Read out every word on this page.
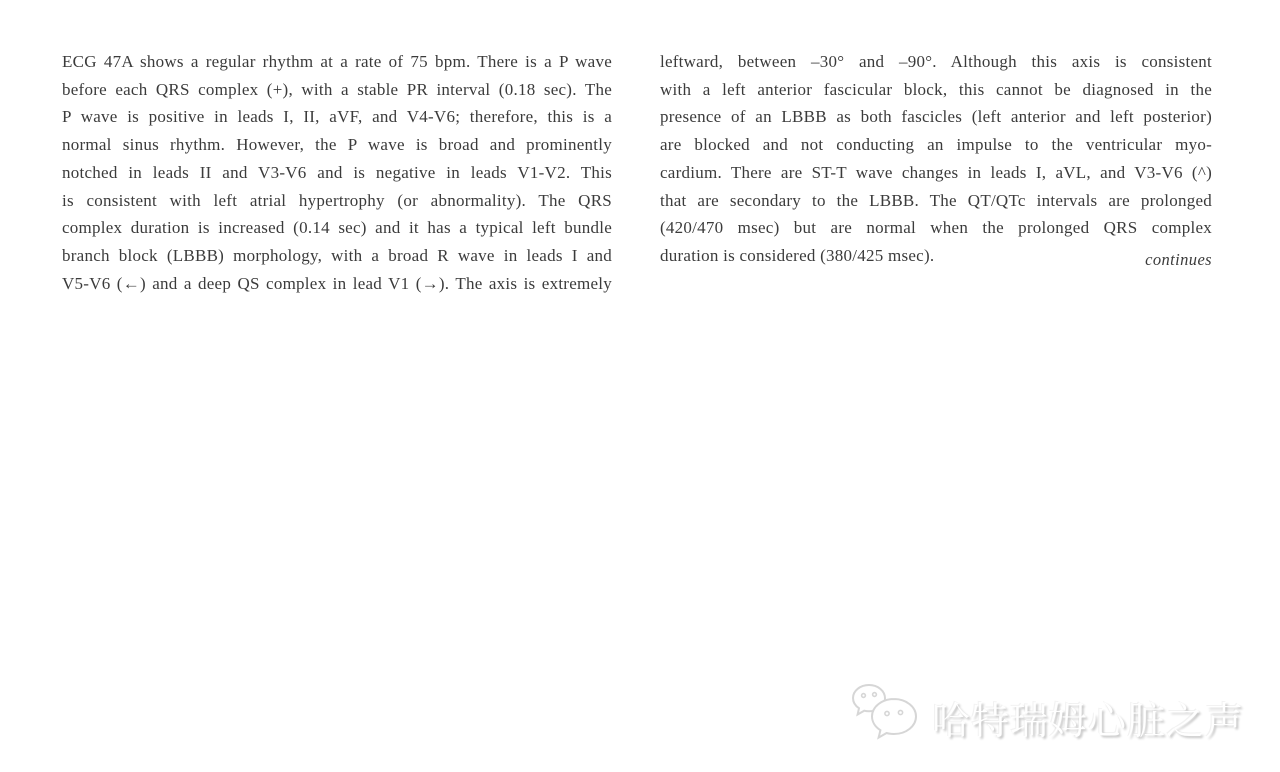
ECG 47A shows a regular rhythm at a rate of 75 bpm. There is a P wave
before each QRS complex (+), with a stable PR interval (0.18 sec). The
P wave is positive in leads I, II, aVF, and V4-V6; therefore, this is a
normal sinus rhythm. However, the P wave is broad and prominently
notched in leads II and V3-V6 and is negative in leads V1-V2. This
is consistent with left atrial hypertrophy (or abnormality). The QRS
complex duration is increased (0.14 sec) and it has a typical left bundle
branch block (LBBB) morphology, with a broad R wave in leads I and
V5-V6 (←) and a deep QS complex in lead V1 (→). The axis is extremely
leftward, between –30° and –90°. Although this axis is consistent
with a left anterior fascicular block, this cannot be diagnosed in the
presence of an LBBB as both fascicles (left anterior and left posterior)
are blocked and not conducting an impulse to the ventricular myo-
cardium. There are ST-T wave changes in leads I, aVL, and V3-V6 (^)
that are secondary to the LBBB. The QT/QTc intervals are prolonged
(420/470 msec) but are normal when the prolonged QRS complex
duration is considered (380/425 msec).	continues
哈特瑞姆心脏之声
